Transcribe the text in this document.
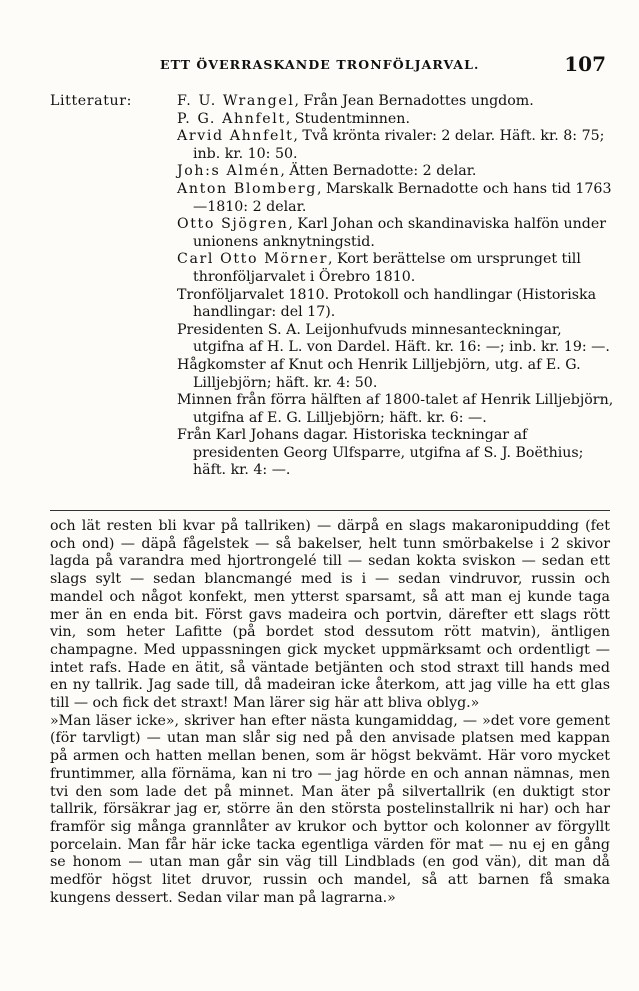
ETT ÖVERRASKANDE TRONFÖLJARVAL.	107
Litteratur:	F. U. Wrangel, Från Jean Bernadottes ungdom.

P. G. Ahnfelt, Studentminnen.

Arvid Ahnfelt, Två krönta rivaler: 2 delar. Häft. kr. 8: 75; inb. kr. 10: 50.

Joh:s Almén, Ätten Bernadotte: 2 delar.

Anton Blomberg, Marskalk Bernadotte och hans tid 1763—1810: 2 delar.

Otto Sjögren, Karl Johan och skandinaviska halfön under unionens anknytningstid.

Carl Otto Mörner, Kort berättelse om ursprunget till thronföljarvalet i Örebro 1810.

Tronföljarvalet 1810. Protokoll och handlingar (Historiska handlingar: del 17).

Presidenten S. A. Leijonhufvuds minnesanteckningar, utgifna af H. L. von Dardel. Häft. kr. 16: —; inb. kr. 19: —.

Hågkomster af Knut och Henrik Lilljebjörn, utg. af E. G. Lilljebjörn; häft. kr. 4: 50.

Minnen från förra hälften af 1800-talet af Henrik Lilljebjörn, utgifna af E. G. Lilljebjörn; häft. kr. 6: —.

Från Karl Johans dagar. Historiska teckningar af presidenten Georg Ulfsparre, utgifna af S. J. Boëthius; häft. kr. 4: —.

och lät resten bli kvar på tallriken) — därpå en slags makaronipudding (fet och ond) — däpå fågelstek — så bakelser, helt tunn smörbakelse i 2 skivor lagda på varandra med hjortrongelé till — sedan kokta sviskon — sedan ett slags sylt — sedan blancmangé med is i — sedan vindruvor, russin och mandel och något konfekt, men ytterst sparsamt, så att man ej kunde taga mer än en enda bit. Först gavs madeira och portvin, därefter ett slags rött vin, som heter Lafitte (på bordet stod dessutom rött matvin), äntligen champagne. Med uppassningen gick mycket uppmärksamt och ordentligt — intet rafs. Hade en ätit, så väntade betjänten och stod straxt till hands med en ny tallrik. Jag sade till, då madeiran icke återkom, att jag ville ha ett glas till — och fick det straxt! Man lärer sig här att bliva oblyg.»

»Man läser icke», skriver han efter nästa kungamiddag, — »det vore gement (för tarvligt) — utan man slår sig ned på den anvisade platsen med kappan på armen och hatten mellan benen, som är högst bekvämt. Här voro mycket fruntimmer, alla förnäma, kan ni tro — jag hörde en och annan nämnas, men tvi den som lade det på minnet. Man äter på silvertallrik (en duktigt stor tallrik, försäkrar jag er, större än den största postelinstallrik ni har) och har framför sig många grannlåter av krukor och byttor och kolonner av förgyllt porcelain. Man får här icke tacka egentliga värden för mat — nu ej en gång se honom — utan man går sin väg till Lindblads (en god vän), dit man då medför högst litet druvor, russin och mandel, så att barnen få smaka kungens dessert. Sedan vilar man på lagrarna.»
